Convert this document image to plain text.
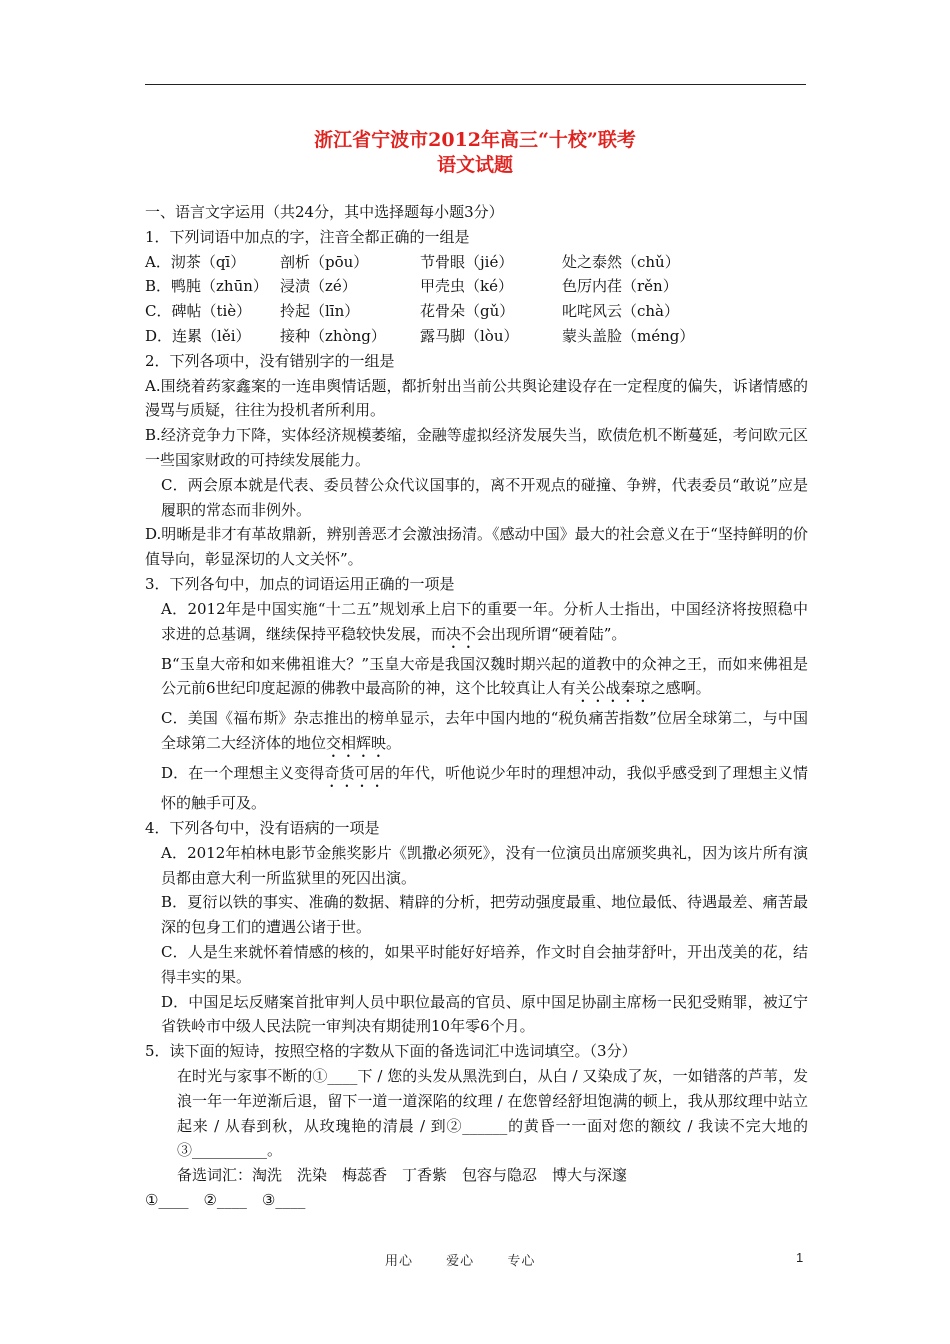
浙江省宁波市2012年高三“十校”联考
语文试题

一、语言文字运用（共24分，其中选择题每小题3分）

1．下列词语中加点的字，注音全都正确的一组是

A．沏茶（qī）	剖析（pōu）	节骨眼（jié）	处之泰然（chǔ）
B．鸭肫（zhūn） 浸渍（zé）	甲壳虫（ké）	色厉内荏（rěn）
C．碑帖（tiè）	拎起（līn）	花骨朵（gǔ）	叱咤风云（chà）
D．连累（lěi）	接种（zhòng）	露马脚（lòu）	蒙头盖脸（méng）

2．下列各项中，没有错别字的一组是

A.围绕着药家鑫案的一连串舆情话题，都折射出当前公共舆论建设存在一定程度的偏失，诉诸情感的漫骂与质疑，往往为投机者所利用。

B.经济竞争力下降，实体经济规模萎缩，金融等虚拟经济发展失当，欧债危机不断蔓延，考问欧元区一些国家财政的可持续发展能力。

C．两会原本就是代表、委员替公众代议国事的，离不开观点的碰撞、争辨，代表委员“敢说”应是履职的常态而非例外。

D.明晰是非才有革故鼎新，辨别善恶才会激浊扬清。《感动中国》最大的社会意义在于“坚持鲜明的价值导向，彰显深切的人文关怀”。

3．下列各句中，加点的词语运用正确的一项是

A．2012年是中国实施“十二五”规划承上启下的重要一年。分析人士指出，中国经济将按照稳中求进的总基调，继续保持平稳较快发展，而决不会出现所谓“硬着陆”。

B“玉皇大帝和如来佛祖谁大？”玉皇大帝是我国汉魏时期兴起的道教中的众神之王，而如来佛祖是公元前6世纪印度起源的佛教中最高阶的神，这个比较真让人有关公战秦琼之感啊。

C．美国《福布斯》杂志推出的榜单显示，去年中国内地的“税负痛苦指数”位居全球第二，与中国全球第二大经济体的地位交相辉映。

D．在一个理想主义变得奇货可居的年代，听他说少年时的理想冲动，我似乎感受到了理想主义情怀的触手可及。

4．下列各句中，没有语病的一项是

A．2012年柏林电影节金熊奖影片《凯撒必须死》，没有一位演员出席颁奖典礼，因为该片所有演员都由意大利一所监狱里的死囚出演。

B．夏衍以铁的事实、准确的数据、精辟的分析，把劳动强度最重、地位最低、待遇最差、痛苦最深的包身工们的遭遇公诸于世。

C．人是生来就怀着情感的核的，如果平时能好好培养，作文时自会抽芽舒叶，开出茂美的花，结得丰实的果。

D．中国足坛反赌案首批审判人员中职位最高的官员、原中国足协副主席杨一民犯受贿罪，被辽宁省铁岭市中级人民法院一审判决有期徒刑10年零6个月。

5．读下面的短诗，按照空格的字数从下面的备选词汇中选词填空。（3分）

在时光与家事不断的①____下 / 您的头发从黑洗到白，从白 / 又染成了灰，一如错落的芦苇，发浪一年一年逆渐后退，留下一道一道深陷的纹理 / 在您曾经舒坦饱满的顿上，我从那纹理中站立起来 / 从春到秋，从玫瑰艳的清晨 / 到②______的黄昏一一面对您的额纹 / 我读不完大地的③__________。

备选词汇：淘洗　洗染　梅蕊香　丁香紫　包容与隐忍　博大与深邃

①____　②____　③____

用心	爱心	专心	1
